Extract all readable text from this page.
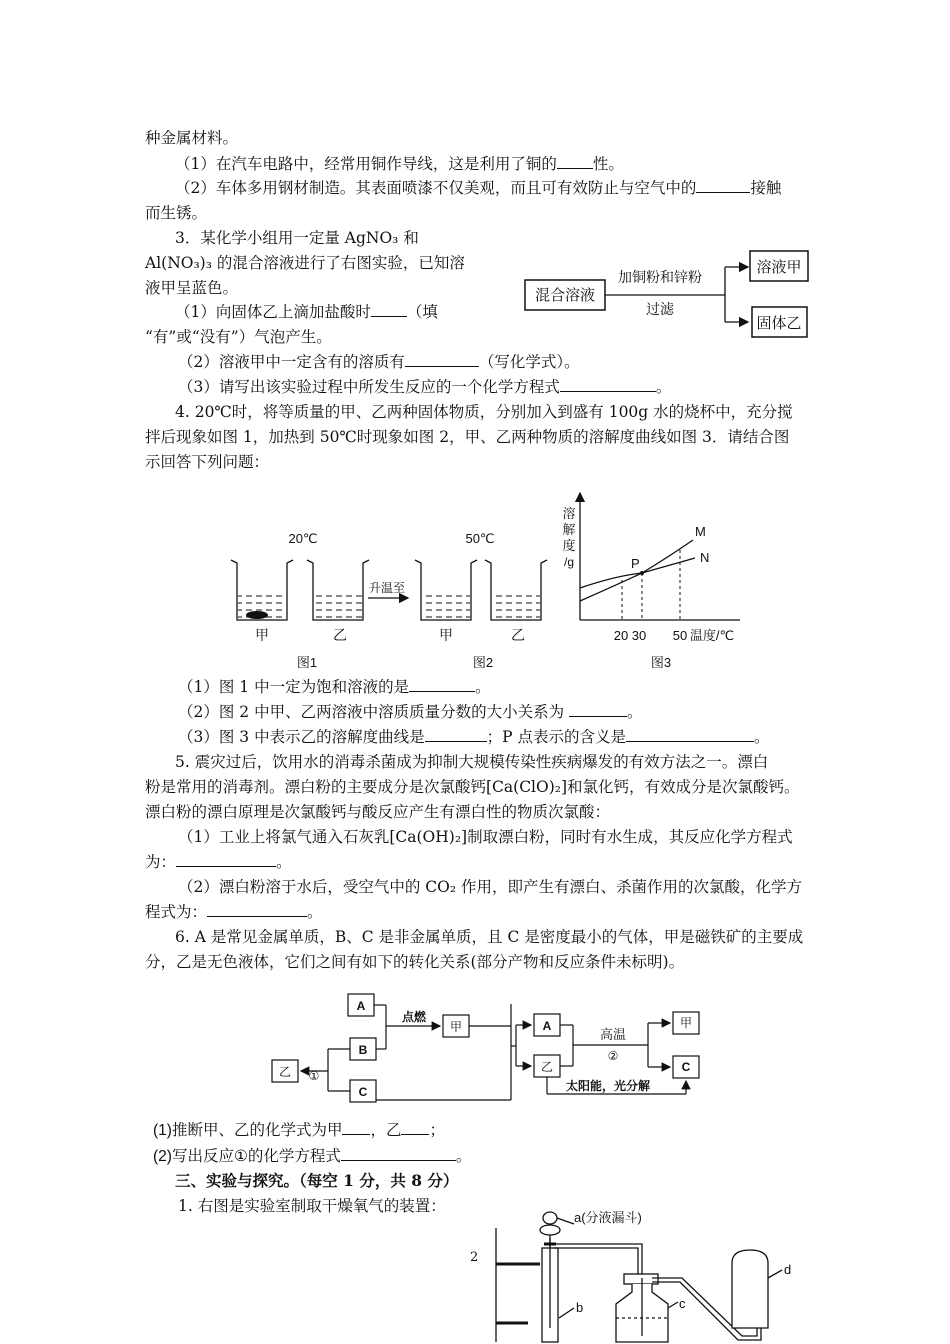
种金属材料。
（1）在汽车电路中，经常用铜作导线，这是利用了铜的 性。
（2）车体多用钢材制造。其表面喷漆不仅美观，而且可有效防止与空气中的	接触
而生锈。
3．某化学小组用一定量 AgNO₃ 和
Al(NO₃)₃ 的混合溶液进行了右图实验，已知溶
液甲呈蓝色。
（1）向固体乙上滴加盐酸时 （填
“有”或“没有”）气泡产生。
（2）溶液甲中一定含有的溶质有	（写化学式）。
（3）请写出该实验过程中所发生反应的一个化学方程式	。
混合溶液
加铜粉和锌粉
过滤
溶液甲
固体乙
4. 20℃时，将等质量的甲、乙两种固体物质，分别加入到盛有 100g 水的烧杯中，充分搅
拌后现象如图 1，加热到 50℃时现象如图 2，甲、乙两种物质的溶解度曲线如图 3．请结合图
示回答下列问题：
20℃	50℃
甲	乙
升温至
甲	乙
图1	图2
溶
解
度
/g
M
N
P
20 30 50 温度/℃
图3
（1）图 1 中一定为饱和溶液的是	。
（2）图 2 中甲、乙两溶液中溶质质量分数的大小关系为	。
（3）图 3 中表示乙的溶解度曲线是	；P 点表示的含义是	。
5. 震灾过后，饮用水的消毒杀菌成为抑制大规模传染性疾病爆发的有效方法之一。漂白
粉是常用的消毒剂。漂白粉的主要成分是次氯酸钙[Ca(ClO)₂]和氯化钙，有效成分是次氯酸钙。
漂白粉的漂白原理是次氯酸钙与酸反应产生有漂白性的物质次氯酸：
（1）工业上将氯气通入石灰乳[Ca(OH)₂]制取漂白粉，同时有水生成，其反应化学方程式
为：	。
（2）漂白粉溶于水后，受空气中的 CO₂ 作用，即产生有漂白、杀菌作用的次氯酸，化学方
程式为：	。
6. A 是常见金属单质，B、C 是非金属单质，且 C 是密度最小的气体，甲是磁铁矿的主要成
分，乙是无色液体，它们之间有如下的转化关系(部分产物和反应条件未标明)。
A
B
C
乙
甲	A
乙
甲
C
点燃
①
高温
②
太阳能，光分解
(1)推断甲、乙的化学式为甲 ，乙 ；
(2)写出反应①的化学方程式	。
三、实验与探究。（每空 1 分，共 8 分）
1. 右图是实验室制取干燥氧气的装置：
2
a(分液漏斗)
b	c
d
